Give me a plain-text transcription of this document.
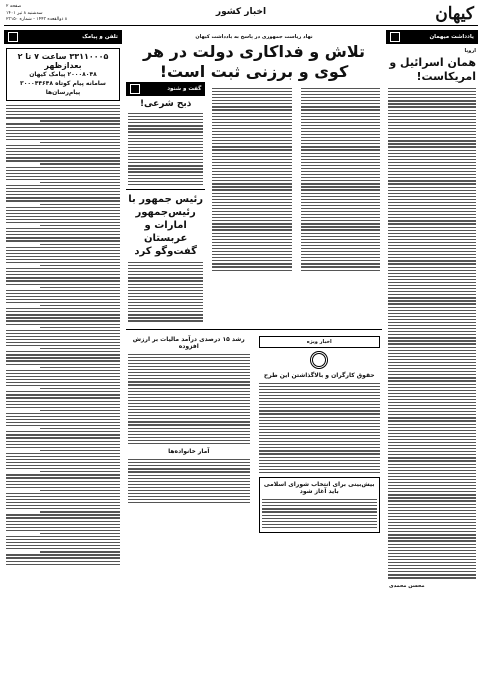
کیهان
اخبار کشور
صفحه ۲
سه‌شنبه ۸ تیر ۱۴۰۱
۸ ذوالقعده ۱۴۴۳ - شماره ۲۳۱۵۰
یادداشت میهمان
اروپا
همان اسرائیل و امریکاست!
محسن محمدی
نهاد ریاست جمهوری در پاسخ به یادداشت کیهان
تلاش و فداکاری دولت در هر کوی و برزنی ثبت است!
گفت و شنود
ذبح شرعی!
رئیس جمهور با رئیس‌جمهور امارات و عربستان گفت‌وگو کرد
اخبار ویژه
حقوق کارگران و بالاگذاشتن این طرح
بیش‌بینی برای انتخاب شورای اسلامی باید آغاز شود
رشد ۱۵ درصدی درآمد مالیات بر ارزش افزوده
آمار خانواده‌ها
تلفن و پیامک
۳۳۱۱۰۰۰۵ ساعت ۷ تا ۲ بعدازظهر
۲۰۰۰۸۰۴۸ پیامک کیهان
سامانه پیام کوتاه ۳۰۰۰۴۴۶۴۸ پیام‌رسان‌ها
